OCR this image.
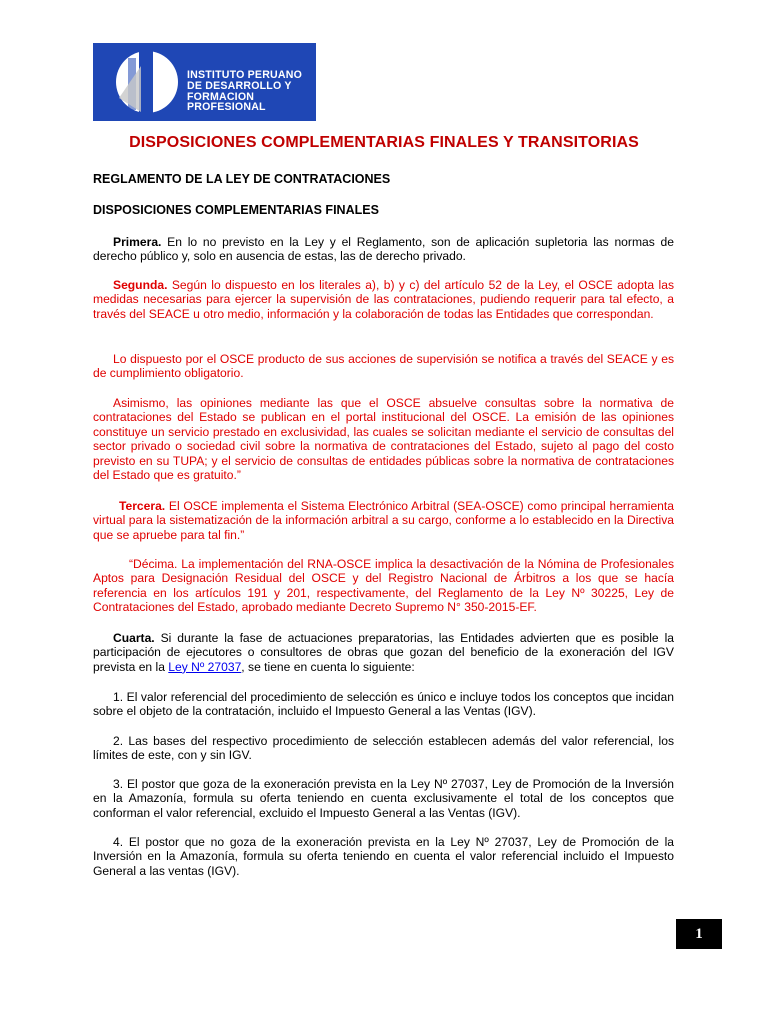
INSTITUTO PERUANO
DE DESARROLLO Y
FORMACION
PROFESIONAL
DISPOSICIONES COMPLEMENTARIAS FINALES Y TRANSITORIAS

REGLAMENTO DE LA LEY DE CONTRATACIONES

DISPOSICIONES COMPLEMENTARIAS FINALES

Primera. En lo no previsto en la Ley y el Reglamento, son de aplicación supletoria las normas de derecho público y, solo en ausencia de estas, las de derecho privado.

Segunda. Según lo dispuesto en los literales a), b) y c) del artículo 52 de la Ley, el OSCE adopta las medidas necesarias para ejercer la supervisión de las contrataciones, pudiendo requerir para tal efecto, a través del SEACE u otro medio, información y la colaboración de todas las Entidades que correspondan.

Lo dispuesto por el OSCE producto de sus acciones de supervisión se notifica a través del SEACE y es de cumplimiento obligatorio.

Asimismo, las opiniones mediante las que el OSCE absuelve consultas sobre la normativa de contrataciones del Estado se publican en el portal institucional del OSCE. La emisión de las opiniones constituye un servicio prestado en exclusividad, las cuales se solicitan mediante el servicio de consultas del sector privado o sociedad civil sobre la normativa de contrataciones del Estado, sujeto al pago del costo previsto en su TUPA; y el servicio de consultas de entidades públicas sobre la normativa de contrataciones del Estado que es gratuito.”

Tercera. El OSCE implementa el Sistema Electrónico Arbitral (SEA-OSCE) como principal herramienta virtual para la sistematización de la información arbitral a su cargo, conforme a lo establecido en la Directiva que se apruebe para tal fin.”

“Décima. La implementación del RNA-OSCE implica la desactivación de la Nómina de Profesionales Aptos para Designación Residual del OSCE y del Registro Nacional de Árbitros a los que se hacía referencia en los artículos 191 y 201, respectivamente, del Reglamento de la Ley Nº 30225, Ley de Contrataciones del Estado, aprobado mediante Decreto Supremo N° 350-2015-EF.

Cuarta. Si durante la fase de actuaciones preparatorias, las Entidades advierten que es posible la participación de ejecutores o consultores de obras que gozan del beneficio de la exoneración del IGV prevista en la Ley Nº 27037, se tiene en cuenta lo siguiente:

1. El valor referencial del procedimiento de selección es único e incluye todos los conceptos que incidan sobre el objeto de la contratación, incluido el Impuesto General a las Ventas (IGV).

2. Las bases del respectivo procedimiento de selección establecen además del valor referencial, los límites de este, con y sin IGV.

3. El postor que goza de la exoneración prevista en la Ley Nº 27037, Ley de Promoción de la Inversión en la Amazonía, formula su oferta teniendo en cuenta exclusivamente el total de los conceptos que conforman el valor referencial, excluido el Impuesto General a las Ventas (IGV).

4. El postor que no goza de la exoneración prevista en la Ley Nº 27037, Ley de Promoción de la Inversión en la Amazonía, formula su oferta teniendo en cuenta el valor referencial incluido el Impuesto General a las ventas (IGV).

1
